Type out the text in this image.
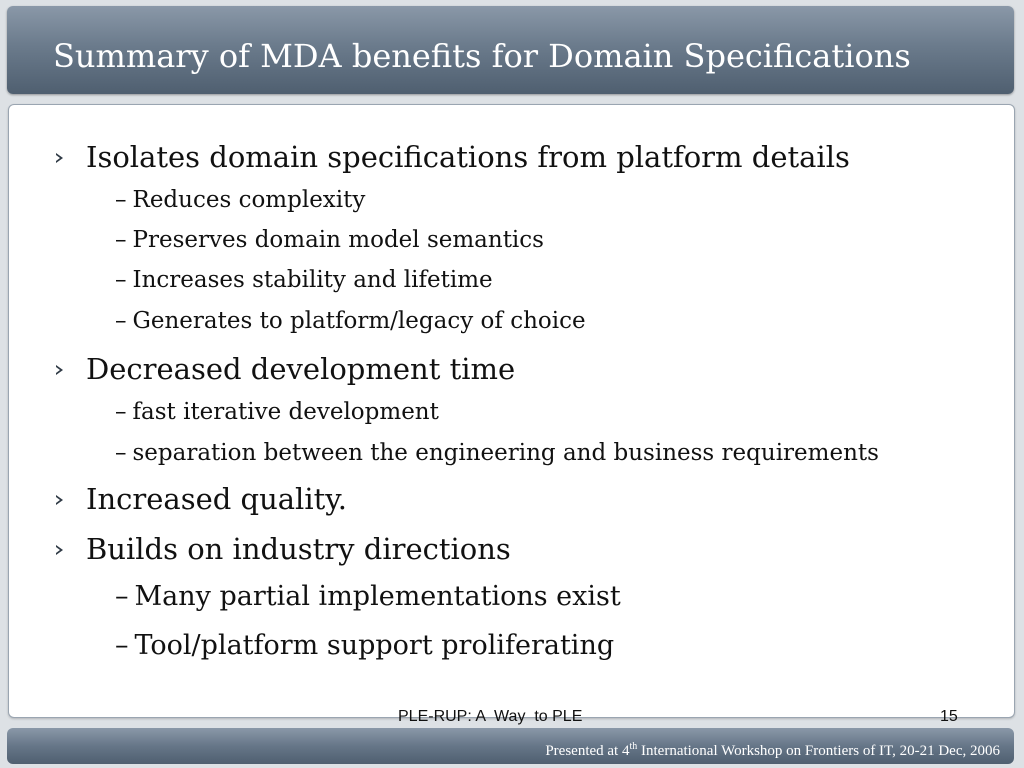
Summary of MDA benefits for Domain Specifications
Isolates domain specifications from platform details
– Reduces complexity
– Preserves domain model semantics
– Increases stability and lifetime
– Generates to platform/legacy of choice
Decreased development time
– fast iterative development
– separation between the engineering and business requirements
Increased quality.
Builds on industry directions
– Many partial implementations exist
– Tool/platform support proliferating
PLE-RUP: A  Way  to PLE	15
Presented at 4th International Workshop on Frontiers of IT, 20-21 Dec, 2006
